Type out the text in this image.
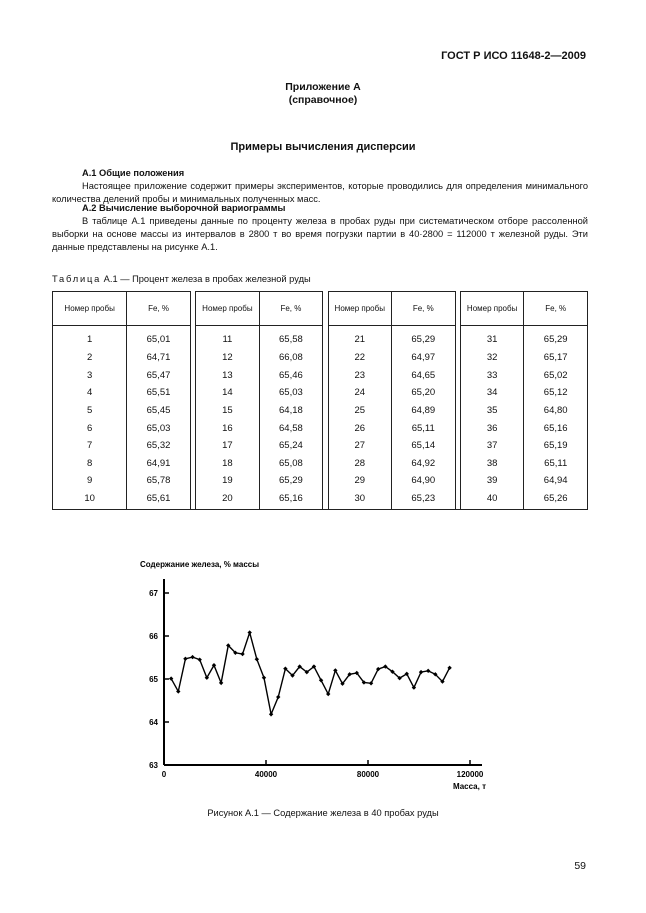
ГОСТ Р ИСО 11648-2—2009
Приложение А
(справочное)
Примеры вычисления дисперсии
А.1 Общие положения
Настоящее приложение содержит примеры экспериментов, которые проводились для определения минимального количества делений пробы и минимальных полученных масс.
А.2 Вычисление выборочной вариограммы
В таблице А.1 приведены данные по проценту железа в пробах руды при систематическом отборе рассоленной выборки на основе массы из интервалов в 2800 т во время погрузки партии в 40·2800 = 112000 т железной руды. Эти данные представлены на рисунке А.1.
Таблица А.1 — Процент железа в пробах железной руды
Номер пробы	Fe, %		Номер пробы	Fe, %		Номер пробы	Fe, %		Номер пробы	Fe, %
1	65,01		11	65,58		21	65,29		31	65,29
2	64,71		12	66,08		22	64,97		32	65,17
3	65,47		13	65,46		23	64,65		33	65,02
4	65,51		14	65,03		24	65,20		34	65,12
5	65,45		15	64,18		25	64,89		35	64,80
6	65,03		16	64,58		26	65,11		36	65,16
7	65,32		17	65,24		27	65,14		37	65,19
8	64,91		18	65,08		28	64,92		38	65,11
9	65,78		19	65,29		29	64,90		39	64,94
10	65,61		20	65,16		30	65,23		40	65,26
Содержание железа, % массы
63
64
65
66
67
0	40000	80000	120000
Масса, т
Рисунок А.1 — Содержание железа в 40 пробах руды
59
